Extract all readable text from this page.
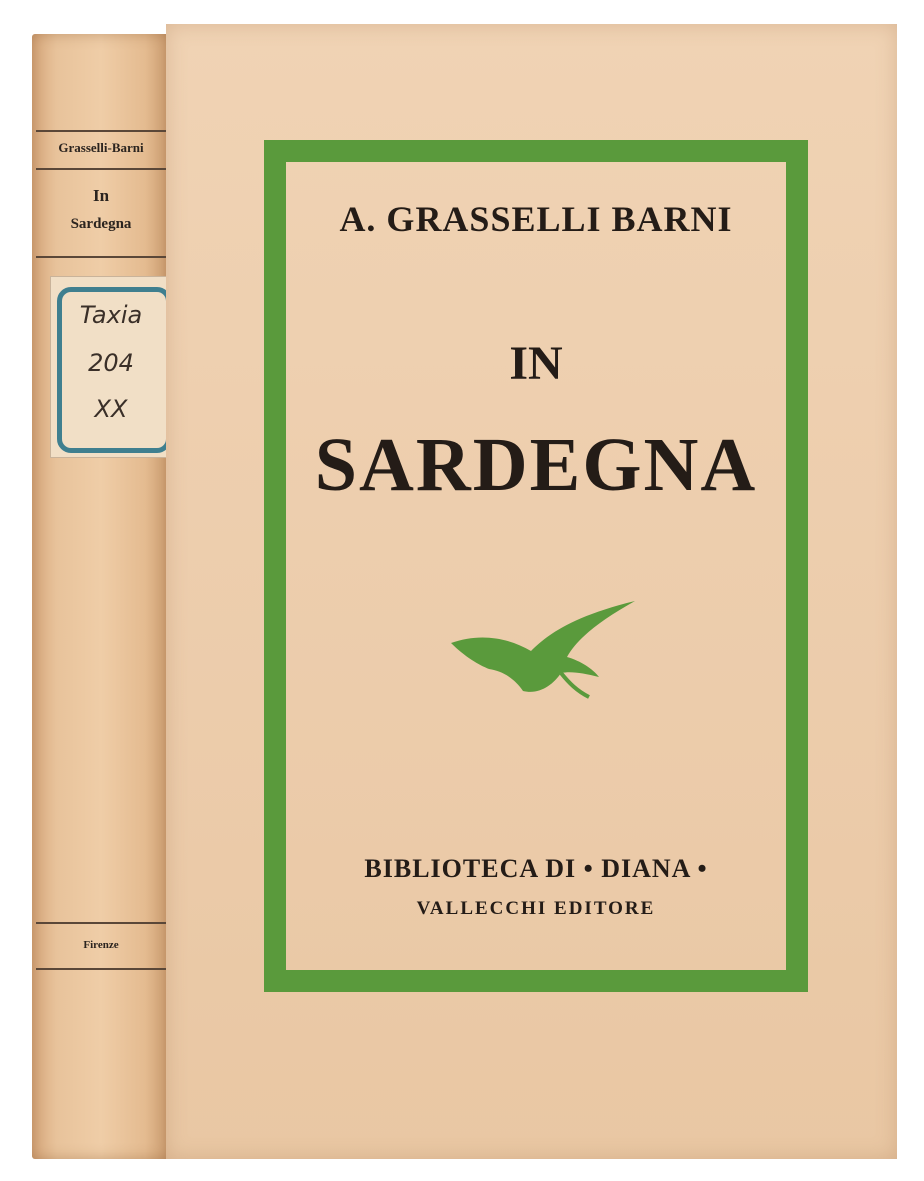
Grasselli-Barni
In
Sardegna
Taxia
204
XX
Firenze
A. GRASSELLI BARNI
IN
SARDEGNA
BIBLIOTECA DI • DIANA •
VALLECCHI EDITORE
